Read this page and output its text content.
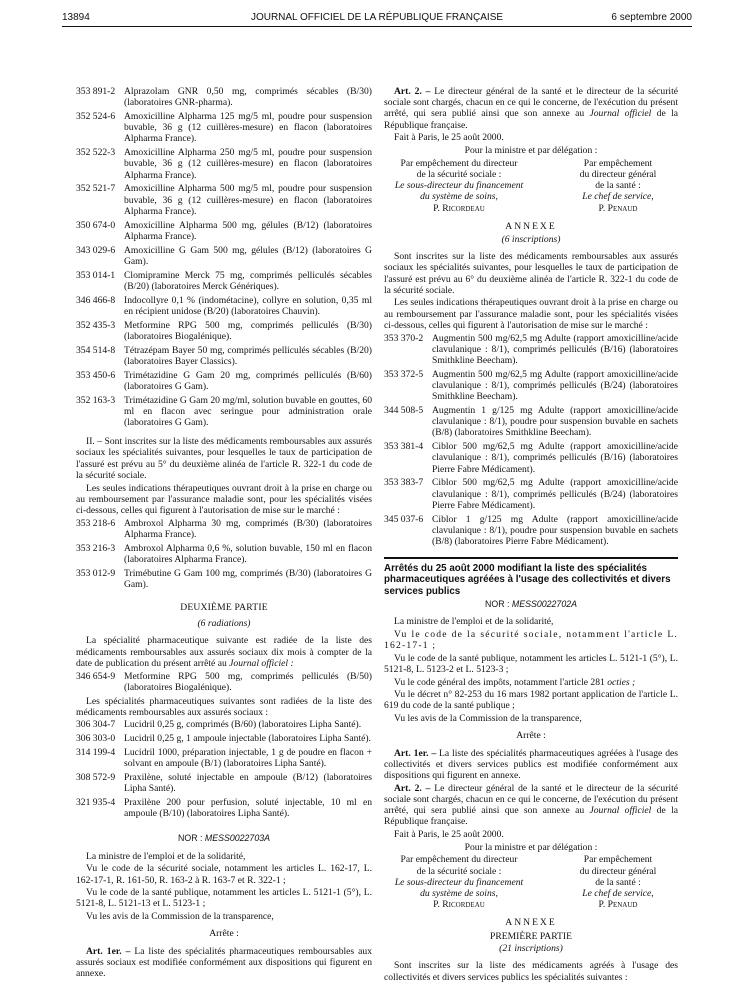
13894	JOURNAL OFFICIEL DE LA RÉPUBLIQUE FRANÇAISE	6 septembre 2000
353 891-2 Alprazolam GNR 0,50 mg, comprimés sécables (B/30) (laboratoires GNR-pharma).
352 524-6 Amoxicilline Alpharma 125 mg/5 ml, poudre pour suspension buvable, 36 g (12 cuillères-mesure) en flacon (laboratoires Alpharma France).
352 522-3 Amoxicilline Alpharma 250 mg/5 ml, poudre pour suspension buvable, 36 g (12 cuillères-mesure) en flacon (laboratoires Alpharma France).
352 521-7 Amoxicilline Alpharma 500 mg/5 ml, poudre pour suspension buvable, 36 g (12 cuillères-mesure) en flacon (laboratoires Alpharma France).
350 674-0 Amoxicilline Alpharma 500 mg, gélules (B/12) (laboratoires Alpharma France).
343 029-6 Amoxicilline G Gam 500 mg, gélules (B/12) (laboratoires G Gam).
353 014-1 Clomipramine Merck 75 mg, comprimés pelliculés sécables (B/20) (laboratoires Merck Génériques).
346 466-8 Indocollyre 0,1 % (indométacine), collyre en solution, 0,35 ml en récipient unidose (B/20) (laboratoires Chauvin).
352 435-3 Metformine RPG 500 mg, comprimés pelliculés (B/30) (laboratoires Biogalénique).
354 514-8 Tétrazépam Bayer 50 mg, comprimés pelliculés sécables (B/20) (laboratoires Bayer Classics).
353 450-6 Trimétazidine G Gam 20 mg, comprimés pelliculés (B/60) (laboratoires G Gam).
352 163-3 Trimétazidine G Gam 20 mg/ml, solution buvable en gouttes, 60 ml en flacon avec seringue pour administration orale (laboratoires G Gam).

II. – Sont inscrites sur la liste des médicaments remboursables aux assurés sociaux les spécialités suivantes, pour lesquelles le taux de participation de l'assuré est prévu au 5° du deuxième alinéa de l'article R. 322-1 du code de la sécurité sociale.

Les seules indications thérapeutiques ouvrant droit à la prise en charge ou au remboursement par l'assurance maladie sont, pour les spécialités visées ci-dessous, celles qui figurent à l'autorisation de mise sur le marché :

353 218-6 Ambroxol Alpharma 30 mg, comprimés (B/30) (laboratoires Alpharma France).
353 216-3 Ambroxol Alpharma 0,6 %, solution buvable, 150 ml en flacon (laboratoires Alpharma France).
353 012-9 Trimébutine G Gam 100 mg, comprimés (B/30) (laboratoires G Gam).
DEUXIÈME PARTIE
(6 radiations)

La spécialité pharmaceutique suivante est radiée de la liste des médicaments remboursables aux assurés sociaux dix mois à compter de la date de publication du présent arrêté au Journal officiel :

346 654-9 Metformine RPG 500 mg, comprimés pelliculés (B/50) (laboratoires Biogalénique).

Les spécialités pharmaceutiques suivantes sont radiées de la liste des médicaments remboursables aux assurés sociaux :

306 304-7 Lucidril 0,25 g, comprimés (B/60) (laboratoires Lipha Santé).
306 303-0 Lucidril 0,25 g, 1 ampoule injectable (laboratoires Lipha Santé).
314 199-4 Lucidril 1000, préparation injectable, 1 g de poudre en flacon + solvant en ampoule (B/1) (laboratoires Lipha Santé).
308 572-9 Praxilène, soluté injectable en ampoule (B/12) (laboratoires Lipha Santé).
321 935-4 Praxilène 200 pour perfusion, soluté injectable, 10 ml en ampoule (B/10) (laboratoires Lipha Santé).
NOR : MESS0022703A

La ministre de l'emploi et de la solidarité,

Vu le code de la sécurité sociale, notamment les articles L. 162-17, L. 162-17-1, R. 161-50, R. 163-2 à R. 163-7 et R. 322-1 ;

Vu le code de la santé publique, notamment les articles L. 5121-1 (5°), L. 5121-8, L. 5121-13 et L. 5123-1 ;

Vu les avis de la Commission de la transparence,

Arrête :

Art. 1er. – La liste des spécialités pharmaceutiques remboursables aux assurés sociaux est modifiée conformément aux dispositions qui figurent en annexe.

Art. 2. – Le directeur général de la santé et le directeur de la sécurité sociale sont chargés, chacun en ce qui le concerne, de l'exécution du présent arrêté, qui sera publié ainsi que son annexe au Journal officiel de la République française.

Fait à Paris, le 25 août 2000.

Pour la ministre et par délégation :
Par empêchement du directeur
de la sécurité sociale :
Le sous-directeur du financement
du système de soins,
P. Ricordeau
Par empêchement
du directeur général
de la santé :
Le chef de service,
P. Penaud
ANNEXE
(6 inscriptions)

Sont inscrites sur la liste des médicaments remboursables aux assurés sociaux les spécialités suivantes, pour lesquelles le taux de participation de l'assuré est prévu au 6° du deuxième alinéa de l'article R. 322-1 du code de la sécurité sociale.

Les seules indications thérapeutiques ouvrant droit à la prise en charge ou au remboursement par l'assurance maladie sont, pour les spécialités visées ci-dessous, celles qui figurent à l'autorisation de mise sur le marché :

353 370-2 Augmentin 500 mg/62,5 mg Adulte (rapport amoxicilline/acide clavulanique : 8/1), comprimés pelliculés (B/16) (laboratoires Smithkline Beecham).
353 372-5 Augmentin 500 mg/62,5 mg Adulte (rapport amoxicilline/acide clavulanique : 8/1), comprimés pelliculés (B/24) (laboratoires Smithkline Beecham).
344 508-5 Augmentin 1 g/125 mg Adulte (rapport amoxicilline/acide clavulanique : 8/1), poudre pour suspension buvable en sachets (B/8) (laboratoires Smithkline Beecham).
353 381-4 Ciblor 500 mg/62,5 mg Adulte (rapport amoxicilline/acide clavulanique : 8/1), comprimés pelliculés (B/16) (laboratoires Pierre Fabre Médicament).
353 383-7 Ciblor 500 mg/62,5 mg Adulte (rapport amoxicilline/acide clavulanique : 8/1), comprimés pelliculés (B/24) (laboratoires Pierre Fabre Médicament).
345 037-6 Ciblor 1 g/125 mg Adulte (rapport amoxicilline/acide clavulanique : 8/1), poudre pour suspension buvable en sachets (B/8) (laboratoires Pierre Fabre Médicament).
Arrêtés du 25 août 2000 modifiant la liste des spécialités pharmaceutiques agréées à l'usage des collectivités et divers services publics
NOR : MESS0022702A

La ministre de l'emploi et de la solidarité,

Vu le code de la sécurité sociale, notamment l'article L. 162-17-1 ;

Vu le code de la santé publique, notamment les articles L. 5121-1 (5°), L. 5121-8, L. 5123-2 et L. 5123-3 ;

Vu le code général des impôts, notamment l'article 281 octies ;

Vu le décret n° 82-253 du 16 mars 1982 portant application de l'article L. 619 du code de la santé publique ;

Vu les avis de la Commission de la transparence,

Arrête :

Art. 1er. – La liste des spécialités pharmaceutiques agréées à l'usage des collectivités et divers services publics est modifiée conformément aux dispositions qui figurent en annexe.

Art. 2. – Le directeur général de la santé et le directeur de la sécurité sociale sont chargés, chacun en ce qui le concerne, de l'exécution du présent arrêté, qui sera publié ainsi que son annexe au Journal officiel de la République française.

Fait à Paris, le 25 août 2000.

Pour la ministre et par délégation :
Par empêchement du directeur
de la sécurité sociale :
Le sous-directeur du financement
du système de soins,
P. Ricordeau
Par empêchement
du directeur général
de la santé :
Le chef de service,
P. Penaud
ANNEXE
PREMIÈRE PARTIE
(21 inscriptions)

Sont inscrites sur la liste des médicaments agréés à l'usage des collectivités et divers services publics les spécialités suivantes :
